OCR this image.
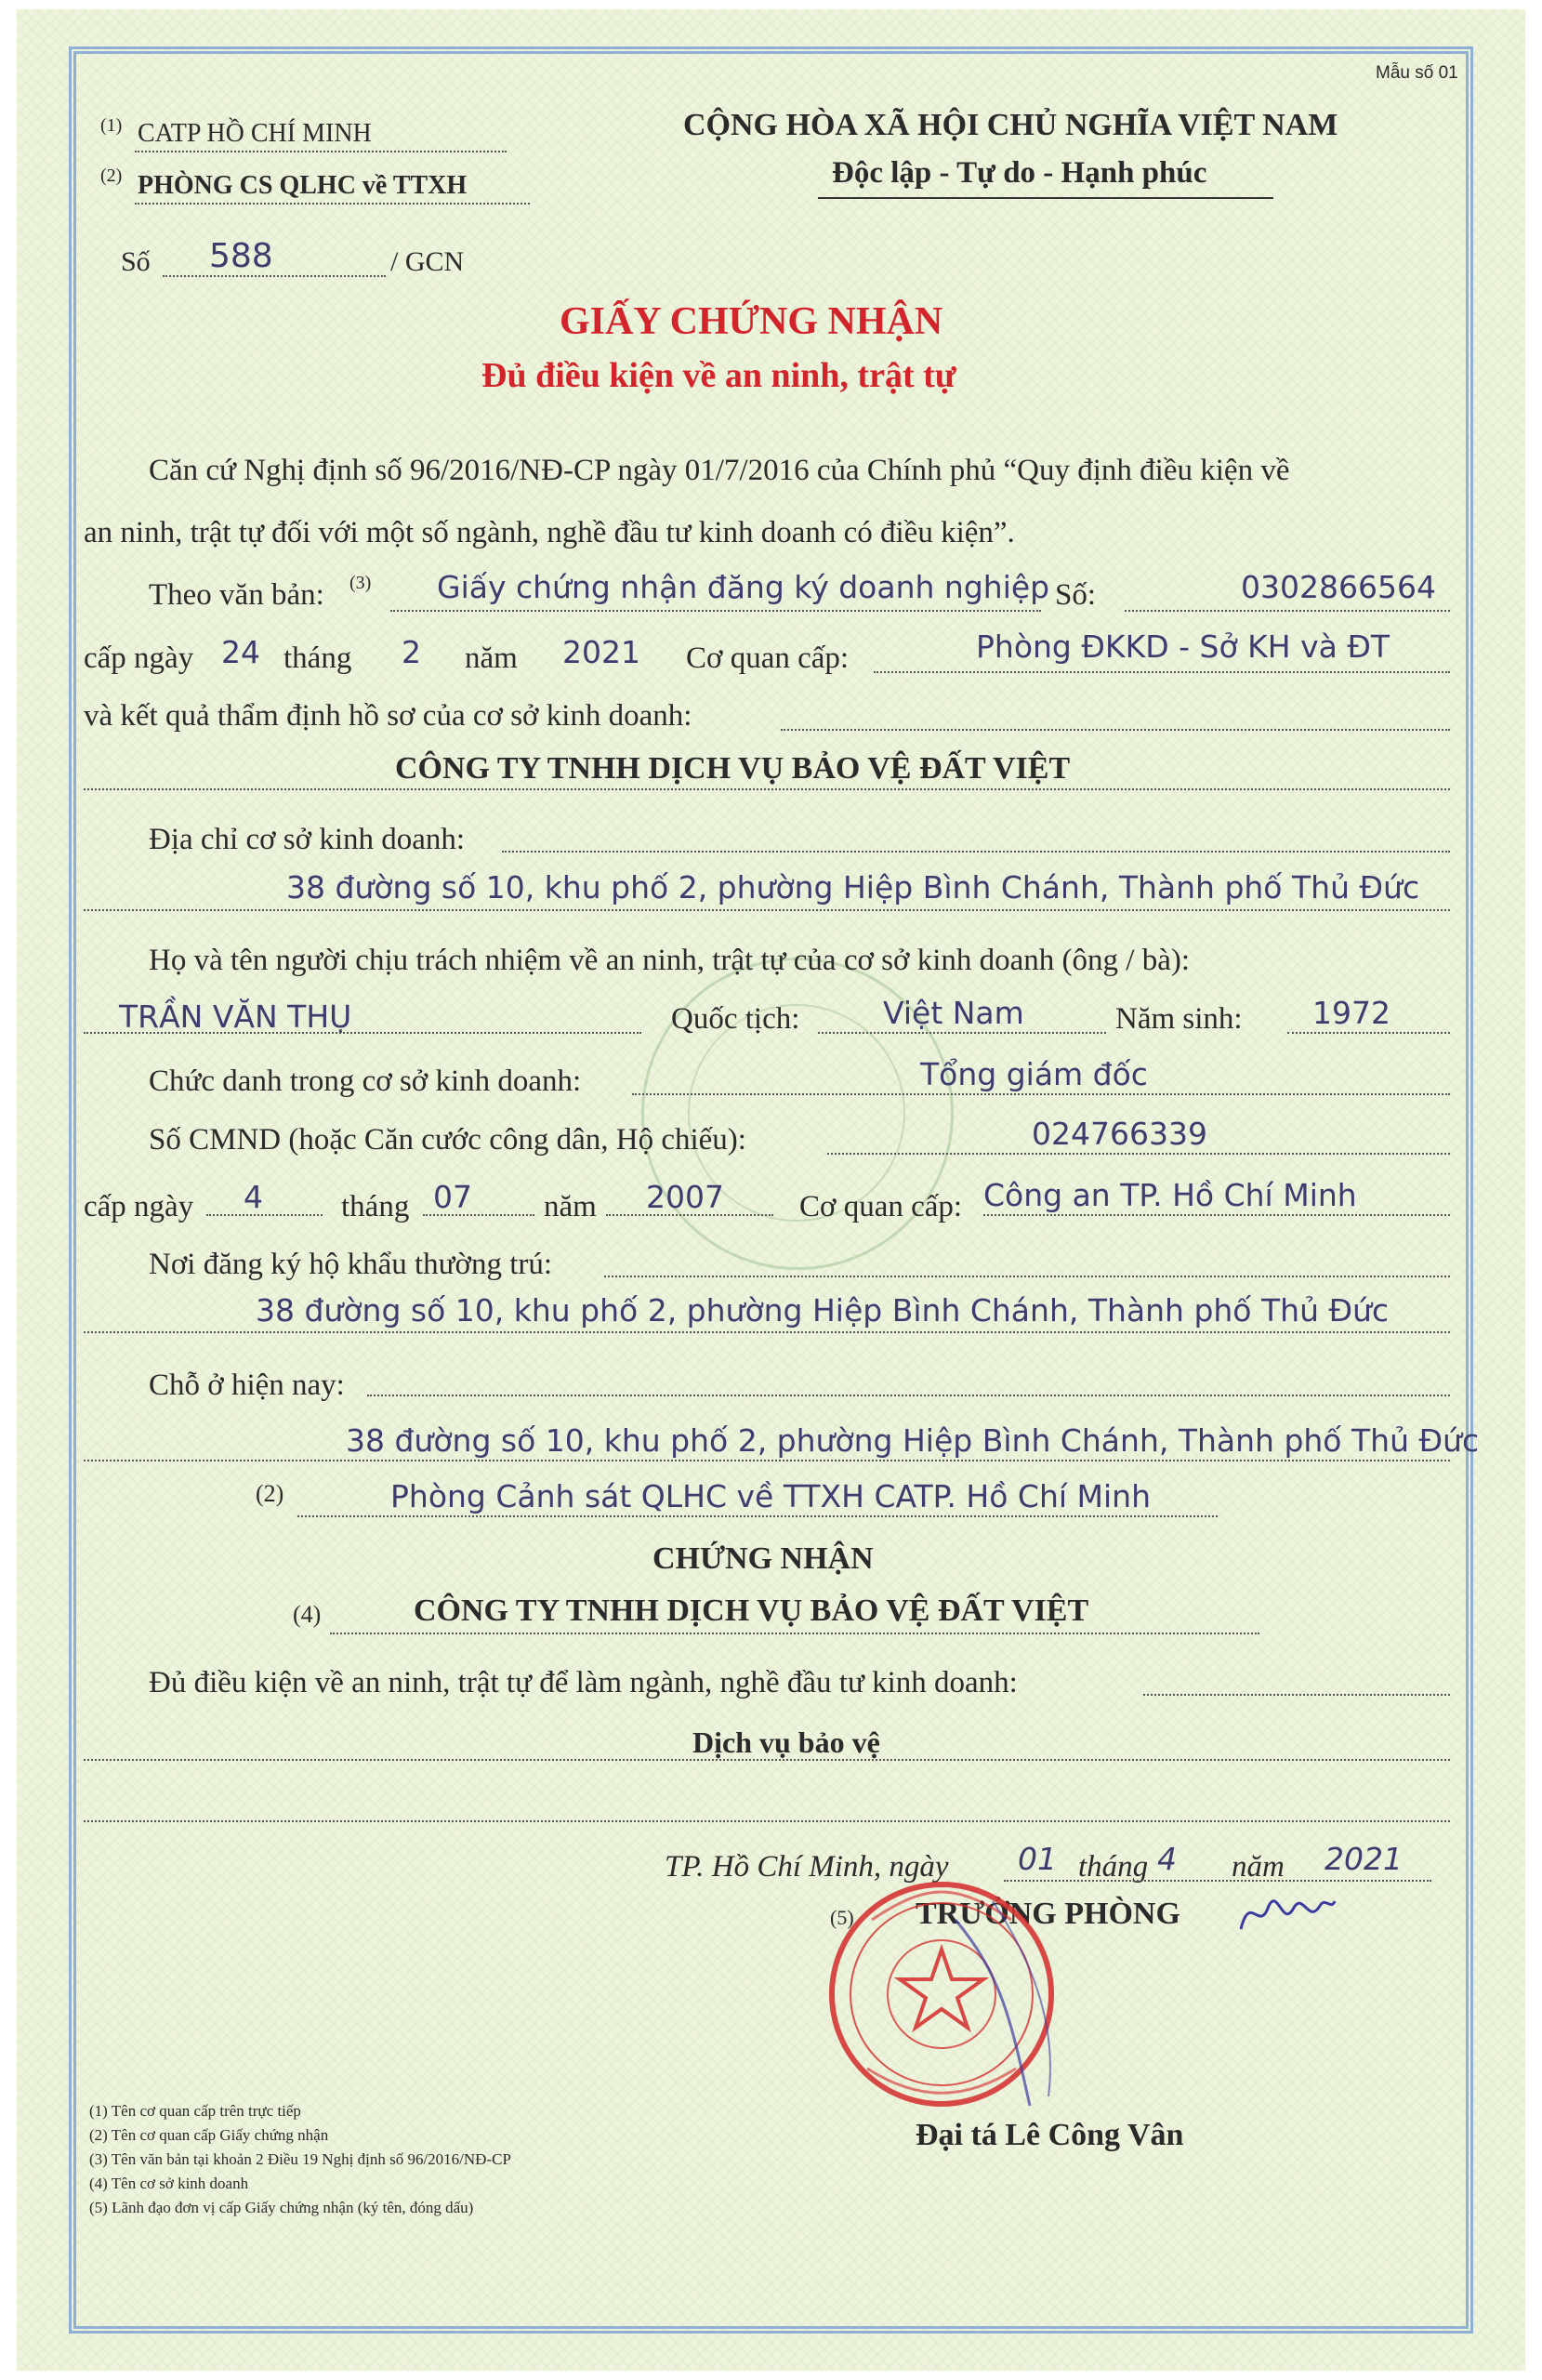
Mẫu số 01
(1) CATP HỒ CHÍ MINH
(2) PHÒNG CS QLHC về TTXH
CỘNG HÒA XÃ HỘI CHỦ NGHĨA VIỆT NAM
Độc lập - Tự do - Hạnh phúc
Số 588	/ GCN
GIẤY CHỨNG NHẬN
Đủ điều kiện về an ninh, trật tự
Căn cứ Nghị định số 96/2016/NĐ-CP ngày 01/7/2016 của Chính phủ “Quy định điều kiện về
an ninh, trật tự đối với một số ngành, nghề đầu tư kinh doanh có điều kiện”.
Theo văn bản: (3) Giấy chứng nhận đăng ký doanh nghiệp Số:	0302866564
cấp ngày 24 tháng 2 năm 2021 Cơ quan cấp:	Phòng ĐKKD - Sở KH và ĐT
và kết quả thẩm định hồ sơ của cơ sở kinh doanh:
CÔNG TY TNHH DỊCH VỤ BẢO VỆ ĐẤT VIỆT
Địa chỉ cơ sở kinh doanh:
38 đường số 10, khu phố 2, phường Hiệp Bình Chánh, Thành phố Thủ Đức
Họ và tên người chịu trách nhiệm về an ninh, trật tự của cơ sở kinh doanh (ông / bà):
TRẦN VĂN THỤ	Quốc tịch:	Việt Nam	Năm sinh: 1972
Chức danh trong cơ sở kinh doanh:	Tổng giám đốc
Số CMND (hoặc Căn cước công dân, Hộ chiếu):	024766339
cấp ngày 4	tháng 07 năm 2007 Cơ quan cấp: Công an TP. Hồ Chí Minh
Nơi đăng ký hộ khẩu thường trú:
38 đường số 10, khu phố 2, phường Hiệp Bình Chánh, Thành phố Thủ Đức
Chỗ ở hiện nay:
38 đường số 10, khu phố 2, phường Hiệp Bình Chánh, Thành phố Thủ Đức
(2)	Phòng Cảnh sát QLHC về TTXH CATP. Hồ Chí Minh
CHỨNG NHẬN
(4)	CÔNG TY TNHH DỊCH VỤ BẢO VỆ ĐẤT VIỆT
Đủ điều kiện về an ninh, trật tự để làm ngành, nghề đầu tư kinh doanh:
Dịch vụ bảo vệ
TP. Hồ Chí Minh, ngày 01 tháng 4 năm 2021
(5) TRƯỞNG PHÒNG
Đại tá Lê Công Vân
(1) Tên cơ quan cấp trên trực tiếp
(2) Tên cơ quan cấp Giấy chứng nhận
(3) Tên văn bản tại khoản 2 Điều 19 Nghị định số 96/2016/NĐ-CP
(4) Tên cơ sở kinh doanh
(5) Lãnh đạo đơn vị cấp Giấy chứng nhận (ký tên, đóng dấu)
